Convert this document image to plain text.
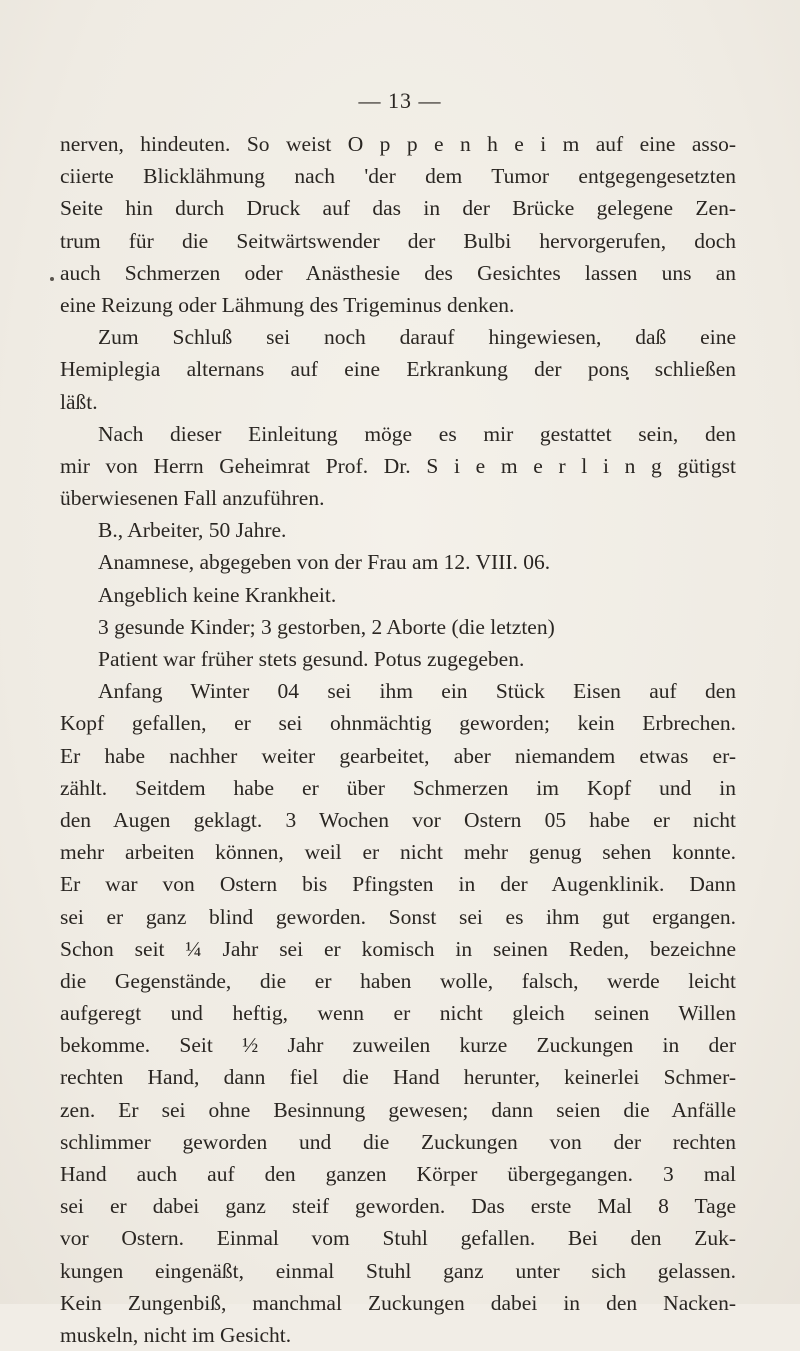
— 13 —
nerven, hindeuten. So weist O p p e n h e i m auf eine asso-
ciierte Blicklähmung nach 'der dem Tumor entgegengesetzten
Seite hin durch Druck auf das in der Brücke gelegene Zen-
trum für die Seitwärtswender der Bulbi hervorgerufen, doch
auch Schmerzen oder Anästhesie des Gesichtes lassen uns an
eine Reizung oder Lähmung des Trigeminus denken.
Zum Schluß sei noch darauf hingewiesen, daß eine
Hemiplegia alternans auf eine Erkrankung der pons schließen
läßt.
Nach dieser Einleitung möge es mir gestattet sein, den
mir von Herrn Geheimrat Prof. Dr. S i e m e r l i n g gütigst
überwiesenen Fall anzuführen.
B., Arbeiter, 50 Jahre.
Anamnese, abgegeben von der Frau am 12. VIII. 06.
Angeblich keine Krankheit.
3 gesunde Kinder; 3 gestorben, 2 Aborte (die letzten)
Patient war früher stets gesund. Potus zugegeben.
Anfang Winter 04 sei ihm ein Stück Eisen auf den
Kopf gefallen, er sei ohnmächtig geworden; kein Erbrechen.
Er habe nachher weiter gearbeitet, aber niemandem etwas er-
zählt. Seitdem habe er über Schmerzen im Kopf und in
den Augen geklagt. 3 Wochen vor Ostern 05 habe er nicht
mehr arbeiten können, weil er nicht mehr genug sehen konnte.
Er war von Ostern bis Pfingsten in der Augenklinik. Dann
sei er ganz blind geworden. Sonst sei es ihm gut ergangen.
Schon seit ¼ Jahr sei er komisch in seinen Reden, bezeichne
die Gegenstände, die er haben wolle, falsch, werde leicht
aufgeregt und heftig, wenn er nicht gleich seinen Willen
bekomme. Seit ½ Jahr zuweilen kurze Zuckungen in der
rechten Hand, dann fiel die Hand herunter, keinerlei Schmer-
zen. Er sei ohne Besinnung gewesen; dann seien die Anfälle
schlimmer geworden und die Zuckungen von der rechten
Hand auch auf den ganzen Körper übergegangen. 3 mal
sei er dabei ganz steif geworden. Das erste Mal 8 Tage
vor Ostern. Einmal vom Stuhl gefallen. Bei den Zuk-
kungen eingenäßt, einmal Stuhl ganz unter sich gelassen.
Kein Zungenbiß, manchmal Zuckungen dabei in den Nacken-
muskeln, nicht im Gesicht.
